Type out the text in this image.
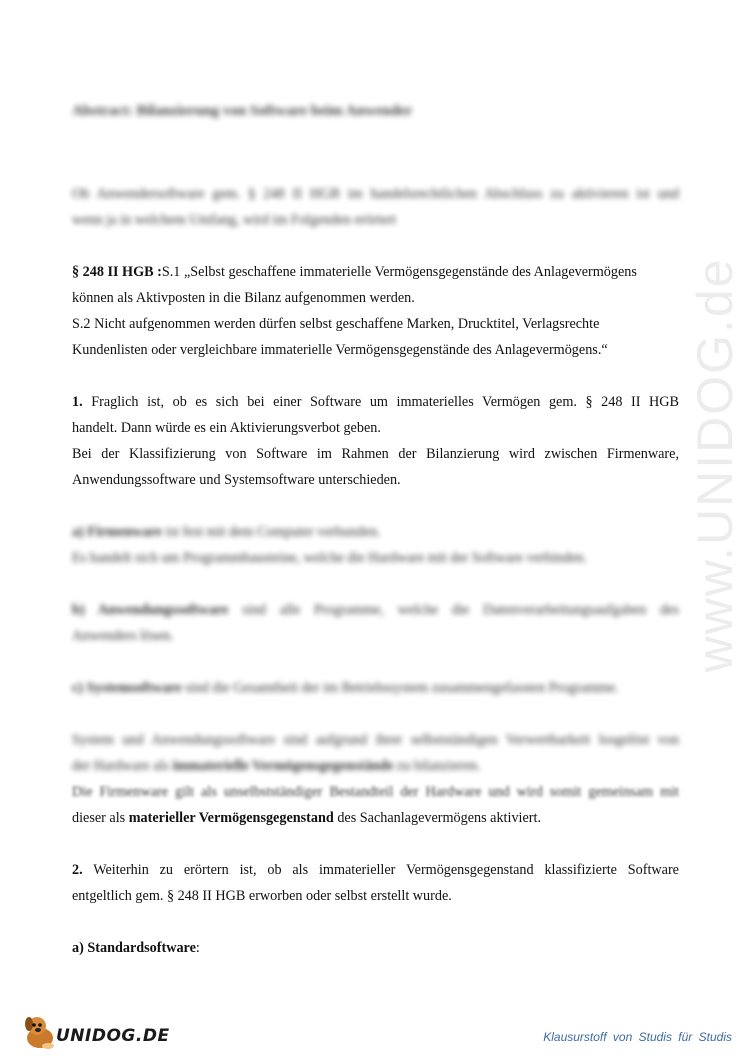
www.UNIDOG.de
Abstract: Bilanzierung von Software beim Anwender
Ob Anwendersoftware gem. § 248 II HGB im handelsrechtlichen Abschluss zu aktivieren ist und
wenn ja in welchem Umfang, wird im Folgenden erörtert
§ 248 II HGB :S.1 „Selbst geschaffene immaterielle Vermögensgegenstände des Anlagevermögens
können als Aktivposten in die Bilanz aufgenommen werden.
S.2 Nicht aufgenommen werden dürfen selbst geschaffene Marken, Drucktitel, Verlagsrechte
Kundenlisten oder vergleichbare immaterielle Vermögensgegenstände des Anlagevermögens.“
1. Fraglich ist, ob es sich bei einer Software um immaterielles Vermögen gem. § 248 II HGB
handelt. Dann würde es ein Aktivierungsverbot geben.
Bei der Klassifizierung von Software im Rahmen der Bilanzierung wird zwischen Firmenware,
Anwendungssoftware und Systemsoftware unterschieden.
a) Firmenware ist fest mit dem Computer verbunden.
Es handelt sich um Programmbausteine, welche die Hardware mit der Software verbinden.
b) Anwendungssoftware sind alle Programme, welche die Datenverarbeitungsaufgaben des
Anwenders lösen.
c) Systemsoftware sind die Gesamtheit der im Betriebssystem zusammengefassten Programme.
System und Anwendungssoftware sind aufgrund ihrer selbstständigen Verwertbarkeit losgelöst von
der Hardware als immaterielle Vermögensgegenstände zu bilanzieren.
Die Firmenware gilt als unselbstständiger Bestandteil der Hardware und wird somit gemeinsam mit
dieser als materieller Vermögensgegenstand des Sachanlagevermögens aktiviert.
2. Weiterhin zu erörtern ist, ob als immaterieller Vermögensgegenstand klassifizierte Software
entgeltlich gem. § 248 II HGB erworben oder selbst erstellt wurde.
a) Standardsoftware:
UNIDOG.DE	Klausurstoff von Studis für Studis
